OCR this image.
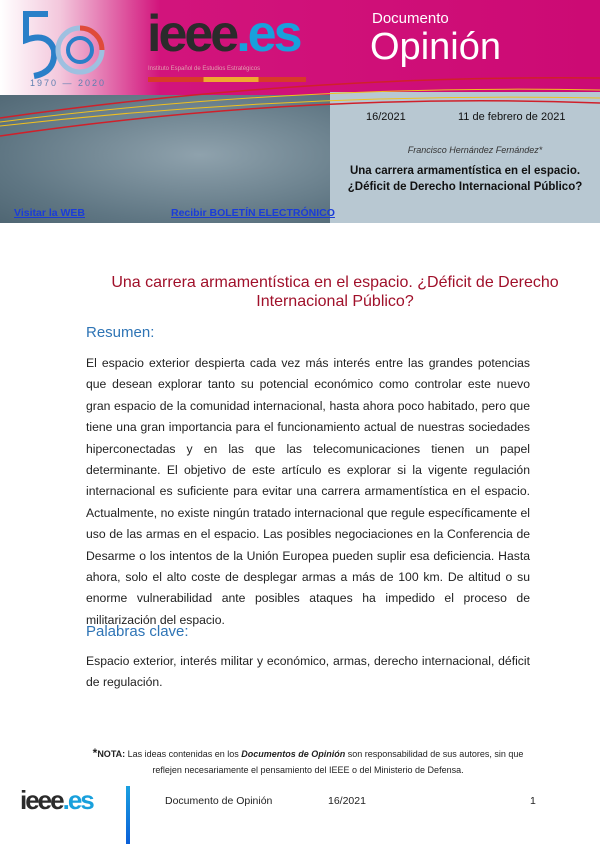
1970 — 2020
ieee.es
Instituto Español de Estudios Estratégicos
Documento
Opinión
16/2021	11 de febrero de 2021
Francisco Hernández Fernández*
Una carrera armamentística en el espacio. ¿Déficit de Derecho Internacional Público?
Visitar la WEB	Recibir BOLETÍN ELECTRÓNICO
Una carrera armamentística en el espacio. ¿Déficit de Derecho Internacional Público?
Resumen:

El espacio exterior despierta cada vez más interés entre las grandes potencias que desean explorar tanto su potencial económico como controlar este nuevo gran espacio de la comunidad internacional, hasta ahora poco habitado, pero que tiene una gran importancia para el funcionamiento actual de nuestras sociedades hiperconectadas y en las que las telecomunicaciones tienen un papel determinante. El objetivo de este artículo es explorar si la vigente regulación internacional es suficiente para evitar una carrera armamentística en el espacio. Actualmente, no existe ningún tratado internacional que regule específicamente el uso de las armas en el espacio. Las posibles negociaciones en la Conferencia de Desarme o los intentos de la Unión Europea pueden suplir esa deficiencia. Hasta ahora, solo el alto coste de desplegar armas a más de 100 km. De altitud o su enorme vulnerabilidad ante posibles ataques ha impedido el proceso de militarización del espacio.

Palabras clave:

Espacio exterior, interés militar y económico, armas, derecho internacional, déficit de regulación.

*NOTA: Las ideas contenidas en los Documentos de Opinión son responsabilidad de sus autores, sin que reflejen necesariamente el pensamiento del IEEE o del Ministerio de Defensa.
ieee.es	Documento de Opinión	16/2021	1
